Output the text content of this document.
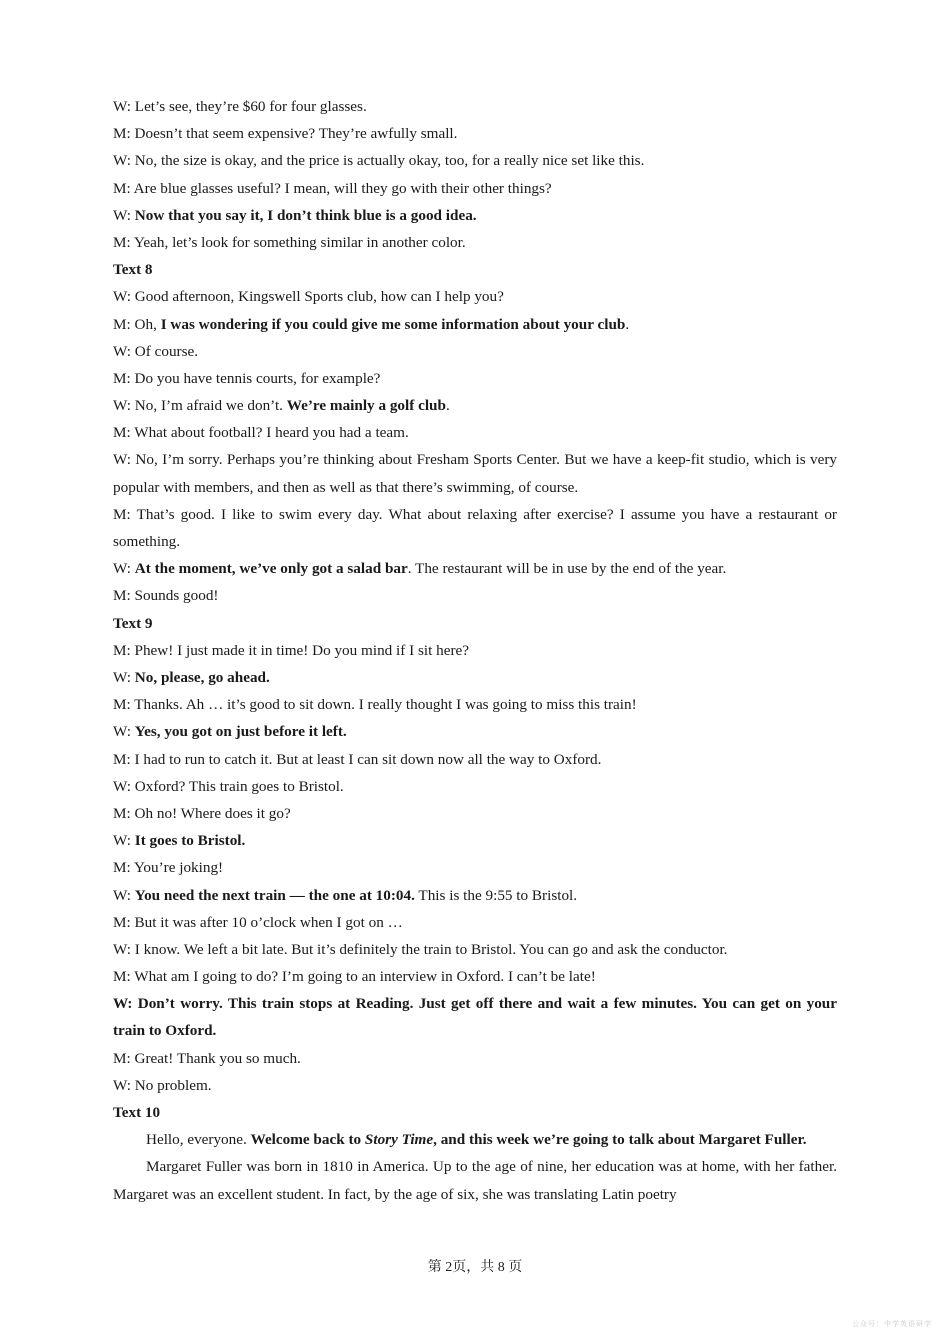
W: Let’s see, they’re $60 for four glasses.
M: Doesn’t that seem expensive? They’re awfully small.
W: No, the size is okay, and the price is actually okay, too, for a really nice set like this.
M: Are blue glasses useful? I mean, will they go with their other things?
W: Now that you say it, I don’t think blue is a good idea.
M: Yeah, let’s look for something similar in another color.
Text 8
W: Good afternoon, Kingswell Sports club, how can I help you?
M: Oh, I was wondering if you could give me some information about your club.
W: Of course.
M: Do you have tennis courts, for example?
W: No, I’m afraid we don’t. We’re mainly a golf club.
M: What about football? I heard you had a team.
W: No, I’m sorry. Perhaps you’re thinking about Fresham Sports Center. But we have a keep-fit studio, which is very popular with members, and then as well as that there’s swimming, of course.
M: That’s good. I like to swim every day. What about relaxing after exercise? I assume you have a restaurant or something.
W: At the moment, we’ve only got a salad bar. The restaurant will be in use by the end of the year.
M: Sounds good!
Text 9
M: Phew! I just made it in time! Do you mind if I sit here?
W: No, please, go ahead.
M: Thanks. Ah … it’s good to sit down. I really thought I was going to miss this train!
W: Yes, you got on just before it left.
M: I had to run to catch it. But at least I can sit down now all the way to Oxford.
W: Oxford? This train goes to Bristol.
M: Oh no! Where does it go?
W: It goes to Bristol.
M: You’re joking!
W: You need the next train — the one at 10:04. This is the 9:55 to Bristol.
M: But it was after 10 o’clock when I got on …
W: I know. We left a bit late. But it’s definitely the train to Bristol. You can go and ask the conductor.
M: What am I going to do? I’m going to an interview in Oxford. I can’t be late!
W: Don’t worry. This train stops at Reading. Just get off there and wait a few minutes. You can get on your train to Oxford.
M: Great! Thank you so much.
W: No problem.
Text 10
Hello, everyone. Welcome back to Story Time, and this week we’re going to talk about Margaret Fuller.
Margaret Fuller was born in 1810 in America. Up to the age of nine, her education was at home, with her father. Margaret was an excellent student. In fact, by the age of six, she was translating Latin poetry
第 2页，共 8 页
公众号：中学英语研学
